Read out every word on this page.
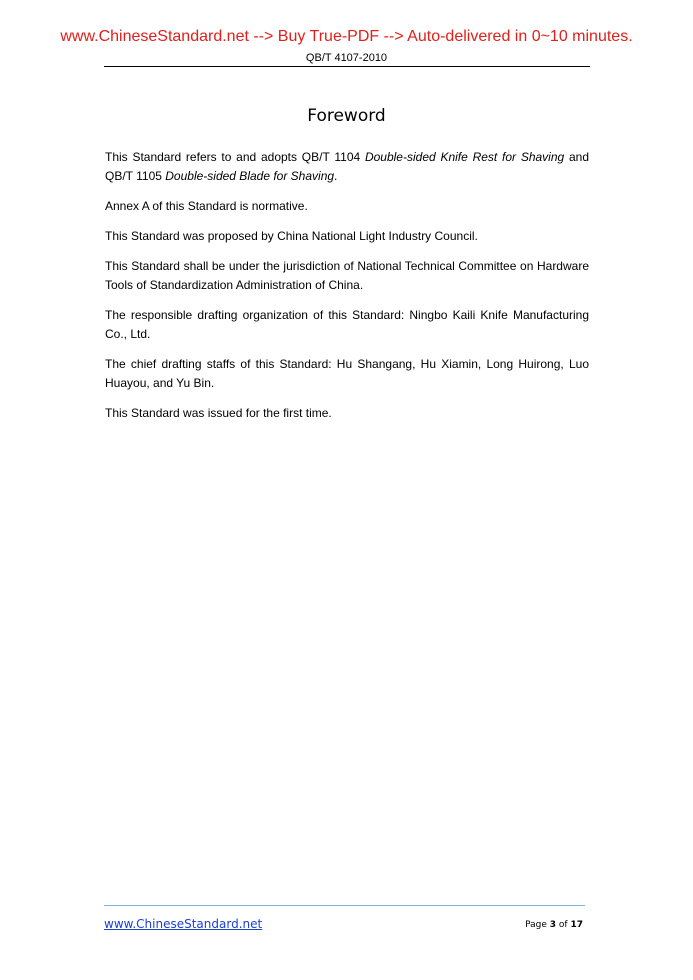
www.ChineseStandard.net --> Buy True-PDF --> Auto-delivered in 0~10 minutes.
QB/T 4107-2010
Foreword

This Standard refers to and adopts QB/T 1104 Double-sided Knife Rest for Shaving and QB/T 1105 Double-sided Blade for Shaving.

Annex A of this Standard is normative.

This Standard was proposed by China National Light Industry Council.

This Standard shall be under the jurisdiction of National Technical Committee on Hardware Tools of Standardization Administration of China.

The responsible drafting organization of this Standard: Ningbo Kaili Knife Manufacturing Co., Ltd.

The chief drafting staffs of this Standard: Hu Shangang, Hu Xiamin, Long Huirong, Luo Huayou, and Yu Bin.

This Standard was issued for the first time.

www.ChineseStandard.net	Page 3 of 17
